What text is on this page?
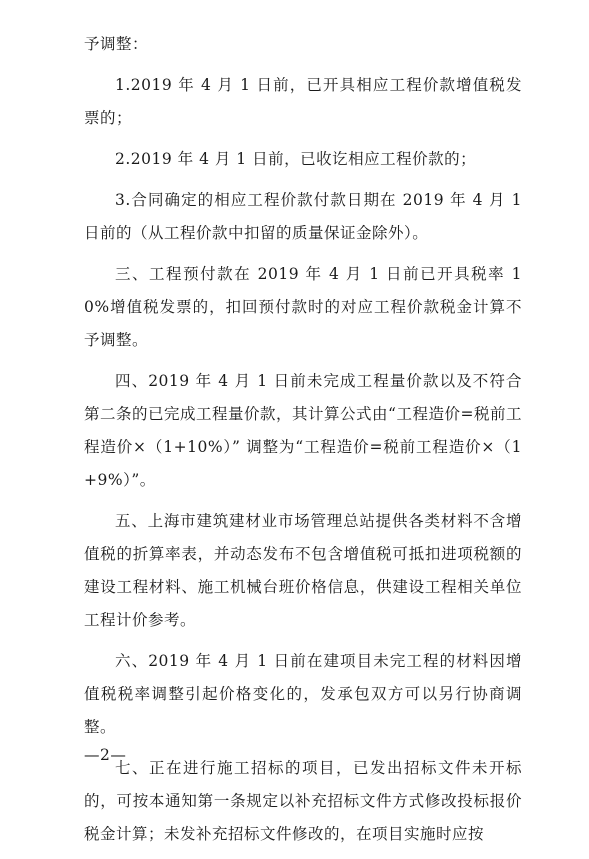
予调整：

1.2019 年 4 月 1 日前，已开具相应工程价款增值税发票的；

2.2019 年 4 月 1 日前，已收讫相应工程价款的；

3.合同确定的相应工程价款付款日期在 2019 年 4 月 1 日前的（从工程价款中扣留的质量保证金除外）。

三、工程预付款在 2019 年 4 月 1 日前已开具税率 10%增值税发票的，扣回预付款时的对应工程价款税金计算不予调整。

四、2019 年 4 月 1 日前未完成工程量价款以及不符合第二条的已完成工程量价款，其计算公式由“工程造价=税前工程造价×（1+10%）” 调整为“工程造价=税前工程造价×（1+9%）”。

五、上海市建筑建材业市场管理总站提供各类材料不含增值税的折算率表，并动态发布不包含增值税可抵扣进项税额的建设工程材料、施工机械台班价格信息，供建设工程相关单位工程计价参考。

六、2019 年 4 月 1 日前在建项目未完工程的材料因增值税税率调整引起价格变化的，发承包双方可以另行协商调整。

七、正在进行施工招标的项目，已发出招标文件未开标的，可按本通知第一条规定以补充招标文件方式修改投标报价税金计算；未发补充招标文件修改的，在项目实施时应按

—2—
